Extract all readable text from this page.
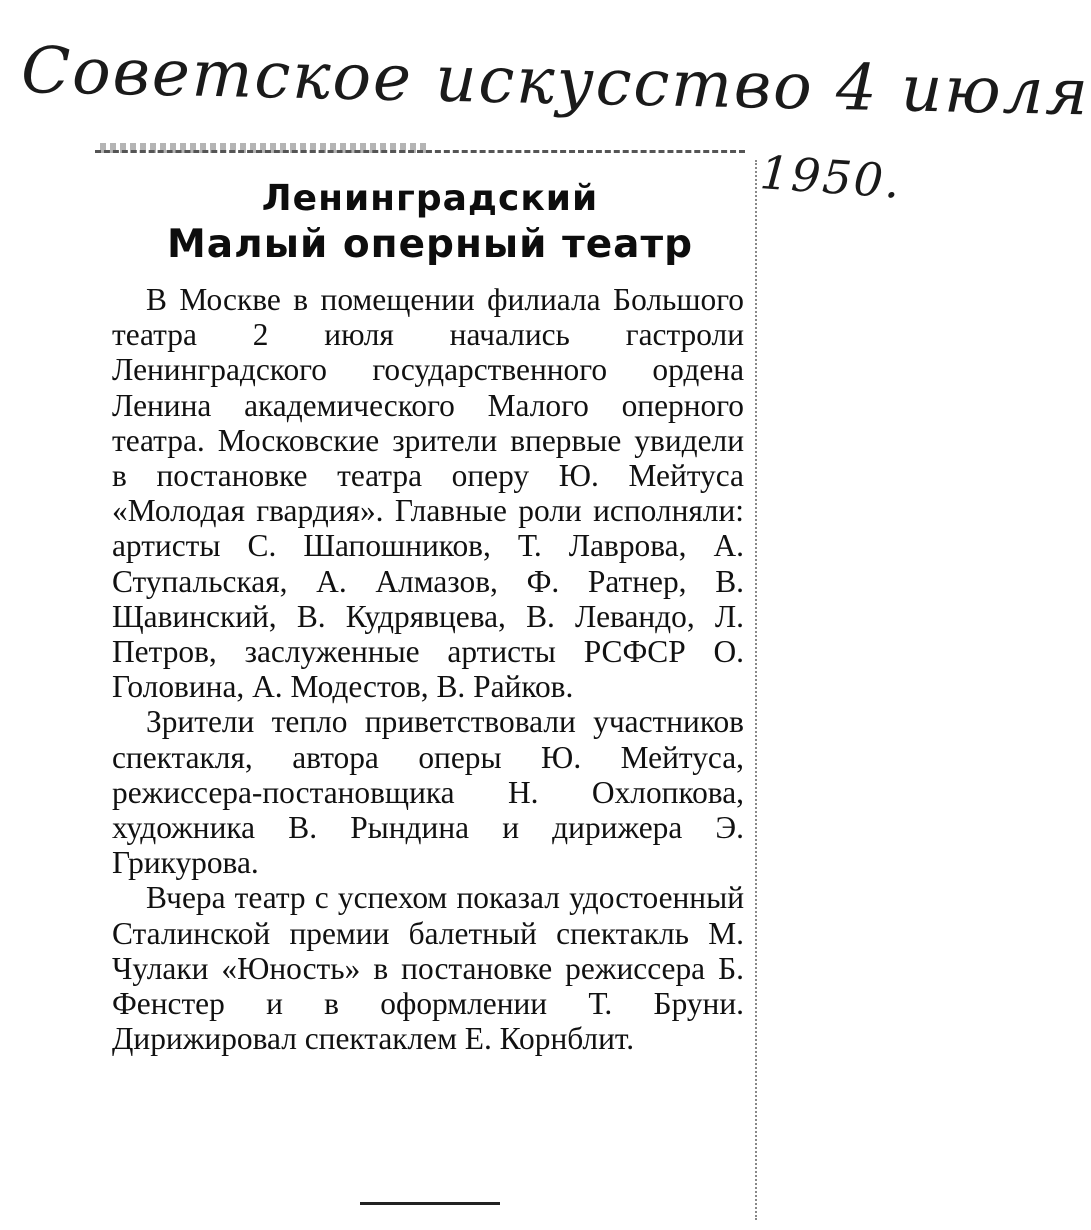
Советское искусство 4 июля
1950.
Ленинградский
Малый оперный театр

В Москве в помещении филиала Большого театра 2 июля начались гастроли Ленинградского государственного ордена Ленина академического Малого оперного театра. Московские зрители впервые увидели в постановке театра оперу Ю. Мейтуса «Молодая гвардия». Главные роли исполняли: артисты С. Шапошников, Т. Лаврова, А. Ступальская, А. Алмазов, Ф. Ратнер, В. Щавинский, В. Кудрявцева, В. Левандо, Л. Петров, заслуженные артисты РСФСР О. Головина, А. Модестов, В. Райков.

Зрители тепло приветствовали участников спектакля, автора оперы Ю. Мейтуса, режиссера-постановщика Н. Охлопкова, художника В. Рындина и дирижера Э. Грикурова.

Вчера театр с успехом показал удостоенный Сталинской премии балетный спектакль М. Чулаки «Юность» в постановке режиссера Б. Фенстер и в оформлении Т. Бруни. Дирижировал спектаклем Е. Корнблит.
